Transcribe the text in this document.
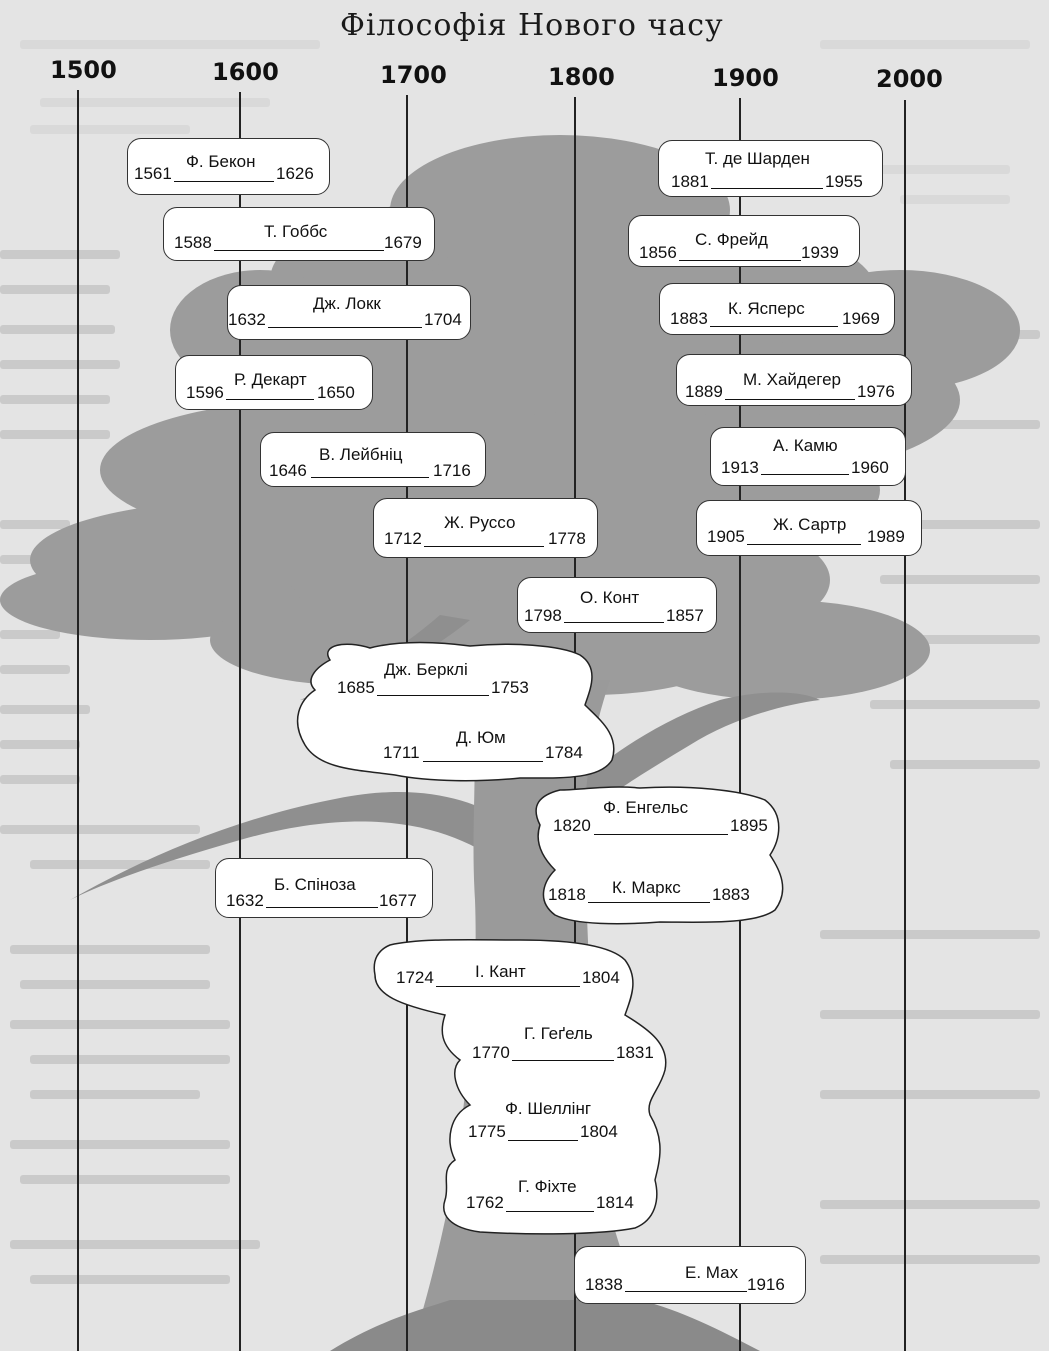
Філософія Нового часу
1500	1600	1700	1800	1900	2000
Ф. Бекон
1561	1626
Т. Гоббс
1588	1679
Дж. Локк
1632	1704
Р. Декарт
1596	1650
В. Лейбніц
1646	1716
Ж. Руссо
1712	1778
О. Конт
1798	1857
Б. Спіноза
1632	1677
Е. Мах
1838	1916
Т. де Шарден
1881	1955
С. Фрейд
1856	1939
К. Ясперс
1883	1969
М. Хайдегер
1889	1976
А. Камю
1913	1960
Ж. Сартр
1905	1989
Дж. Берклі
1685	1753
Д. Юм
1711	1784
Ф. Енгельс
1820	1895
К. Маркс
1818	1883
І. Кант
1724	1804
Г. Геґель
1770	1831
Ф. Шеллінг
1775	1804
Г. Фіхте
1762	1814
